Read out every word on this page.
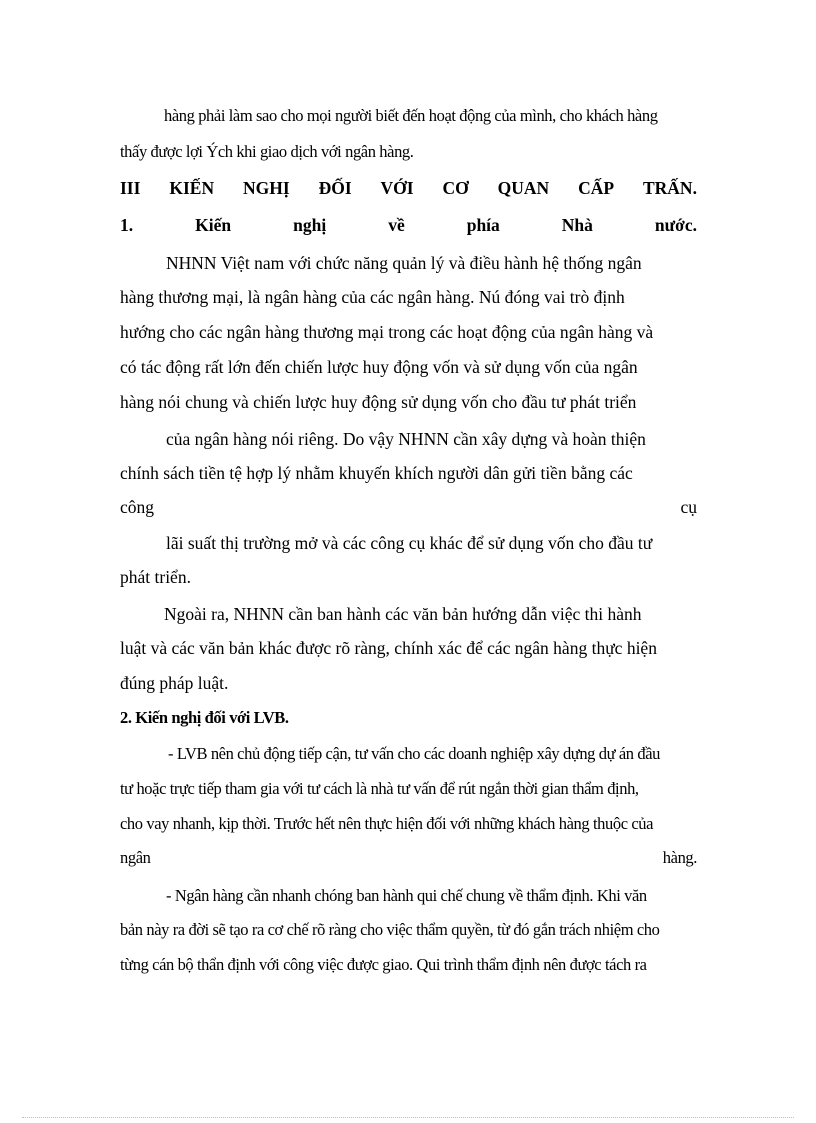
hàng phải làm sao cho mọi người biết đến hoạt động của mình, cho khách hàng
thấy được lợi Ých khi giao dịch với ngân hàng.
III KIẾN NGHỊ ĐỐI VỚI CƠ QUAN CẤP TRẤN.
1.	Kiến	nghị	về	phía	Nhà	nước.
NHNN Việt nam với chức năng quản lý và điều hành hệ thống ngân
hàng thương mại, là ngân hàng của các ngân hàng. Nú đóng vai trò định
hướng cho các ngân hàng thương mại trong các hoạt động của ngân hàng và
có tác động rất lớn đến chiến lược huy động vốn và sử dụng vốn của ngân
hàng nói chung và chiến lược huy động sử dụng vốn cho đầu tư phát triển
của ngân hàng nói riêng. Do vậy NHNN cần xây dựng và hoàn thiện
chính sách tiền tệ hợp lý nhằm khuyến khích người dân gửi tiền bằng các
công	cụ
lãi suất thị trường mở và các công cụ khác để sử dụng vốn cho đầu tư
phát triển.
Ngoài ra, NHNN cần ban hành các văn bản hướng dẫn việc thi hành
luật và các văn bản khác được rõ ràng, chính xác để các ngân hàng thực hiện
đúng pháp luật.
2. Kiến nghị đối với LVB.
- LVB nên chủ động tiếp cận, tư vấn cho các doanh nghiệp xây dựng dự án đầu
tư hoặc trực tiếp tham gia với tư cách là nhà tư vấn để rút ngắn thời gian thẩm định,
cho vay nhanh, kịp thời. Trước hết nên thực hiện đối với những khách hàng thuộc của
ngân	hàng.
- Ngân hàng cần nhanh chóng ban hành qui chế chung về thẩm định. Khi văn
bản này ra đời sẽ tạo ra cơ chế rõ ràng cho việc thẩm quyền, từ đó gắn trách nhiệm cho
từng cán bộ thẩn định với công việc được giao. Qui trình thẩm định nên được tách ra
